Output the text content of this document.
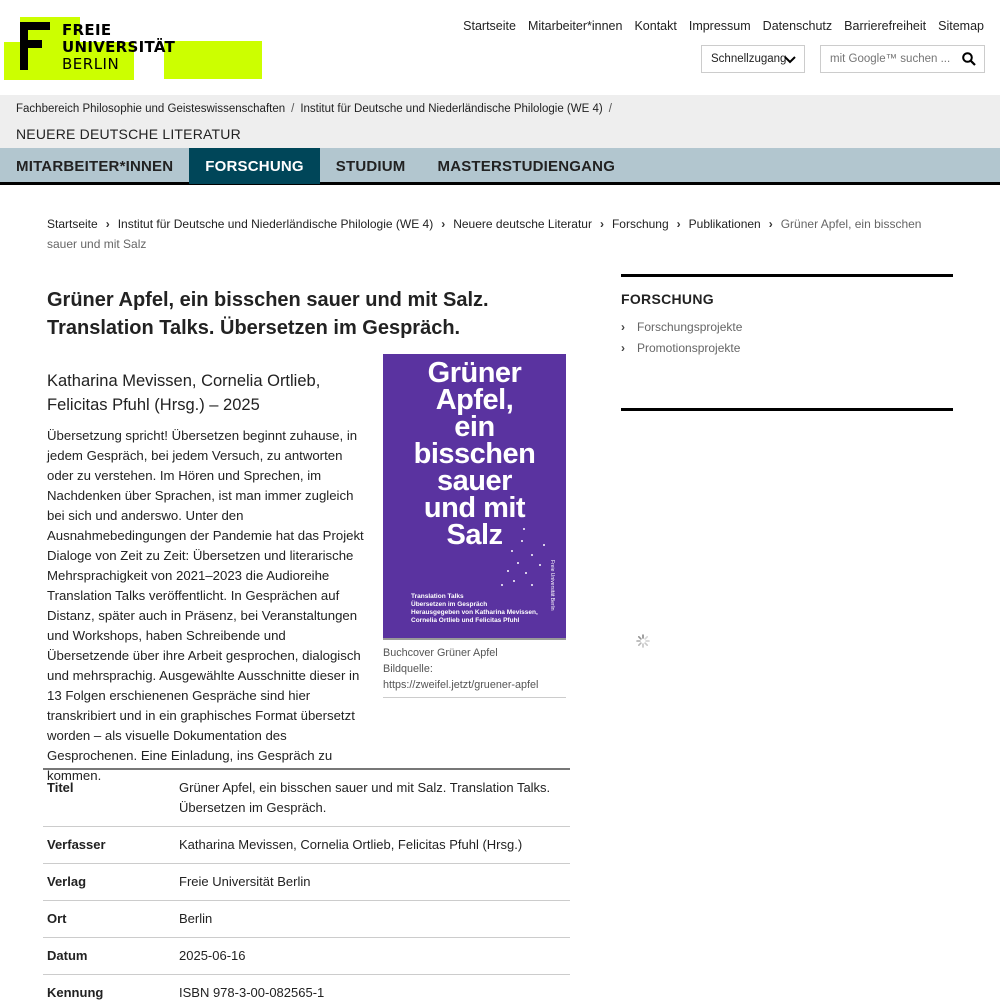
FREIE
UNIVERSITÄT
BERLIN
Startseite Mitarbeiter*innen Kontakt Impressum Datenschutz Barrierefreiheit Sitemap
Schnellzugang
mit Google™ suchen ...
Fachbereich Philosophie und Geisteswissenschaften / Institut für Deutsche und Niederländische Philologie (WE 4) /
NEUERE DEUTSCHE LITERATUR
MITARBEITER*INNEN	FORSCHUNG	STUDIUM	MASTERSTUDIENGANG
Startseite › Institut für Deutsche und Niederländische Philologie (WE 4) › Neuere deutsche Literatur › Forschung › Publikationen › Grüner Apfel, ein bisschen sauer und mit Salz
Grüner Apfel, ein bisschen sauer und mit Salz. Translation Talks. Übersetzen im Gespräch.
Katharina Mevissen, Cornelia Ortlieb, Felicitas Pfuhl (Hrsg.) – 2025

Übersetzung spricht! Übersetzen beginnt zuhause, in jedem Gespräch, bei jedem Versuch, zu antworten oder zu verstehen. Im Hören und Sprechen, im Nachdenken über Sprachen, ist man immer zugleich bei sich und anderswo. Unter den Ausnahmebedingungen der Pandemie hat das Projekt Dialoge von Zeit zu Zeit: Übersetzen und literarische Mehrsprachigkeit von 2021–2023 die Audioreihe Translation Talks veröffentlicht. In Gesprächen auf Distanz, später auch in Präsenz, bei Veranstaltungen und Workshops, haben Schreibende und Übersetzende über ihre Arbeit gesprochen, dialogisch und mehrsprachig. Ausgewählte Ausschnitte dieser in 13 Folgen erschienenen Gespräche sind hier transkribiert und in ein graphisches Format übersetzt worden – als visuelle Dokumentation des Gesprochenen. Eine Einladung, ins Gespräch zu kommen.

Grüner
Apfel,
ein
bisschen
sauer
und mit
Salz
Translation Talks
Übersetzen im Gespräch
Herausgegeben von Katharina Mevissen,
Cornelia Ortlieb und Felicitas Pfuhl
Freie Universität Berlin
Buchcover Grüner Apfel
Bildquelle:
https://zweifel.jetzt/gruener-apfel
Titel	Grüner Apfel, ein bisschen sauer und mit Salz. Translation Talks. Übersetzen im Gespräch.
Verfasser	Katharina Mevissen, Cornelia Ortlieb, Felicitas Pfuhl (Hrsg.)
Verlag	Freie Universität Berlin
Ort	Berlin
Datum	2025-06-16
Kennung	ISBN 978-3-00-082565-1
FORSCHUNG
›	Forschungsprojekte
›	Promotionsprojekte
